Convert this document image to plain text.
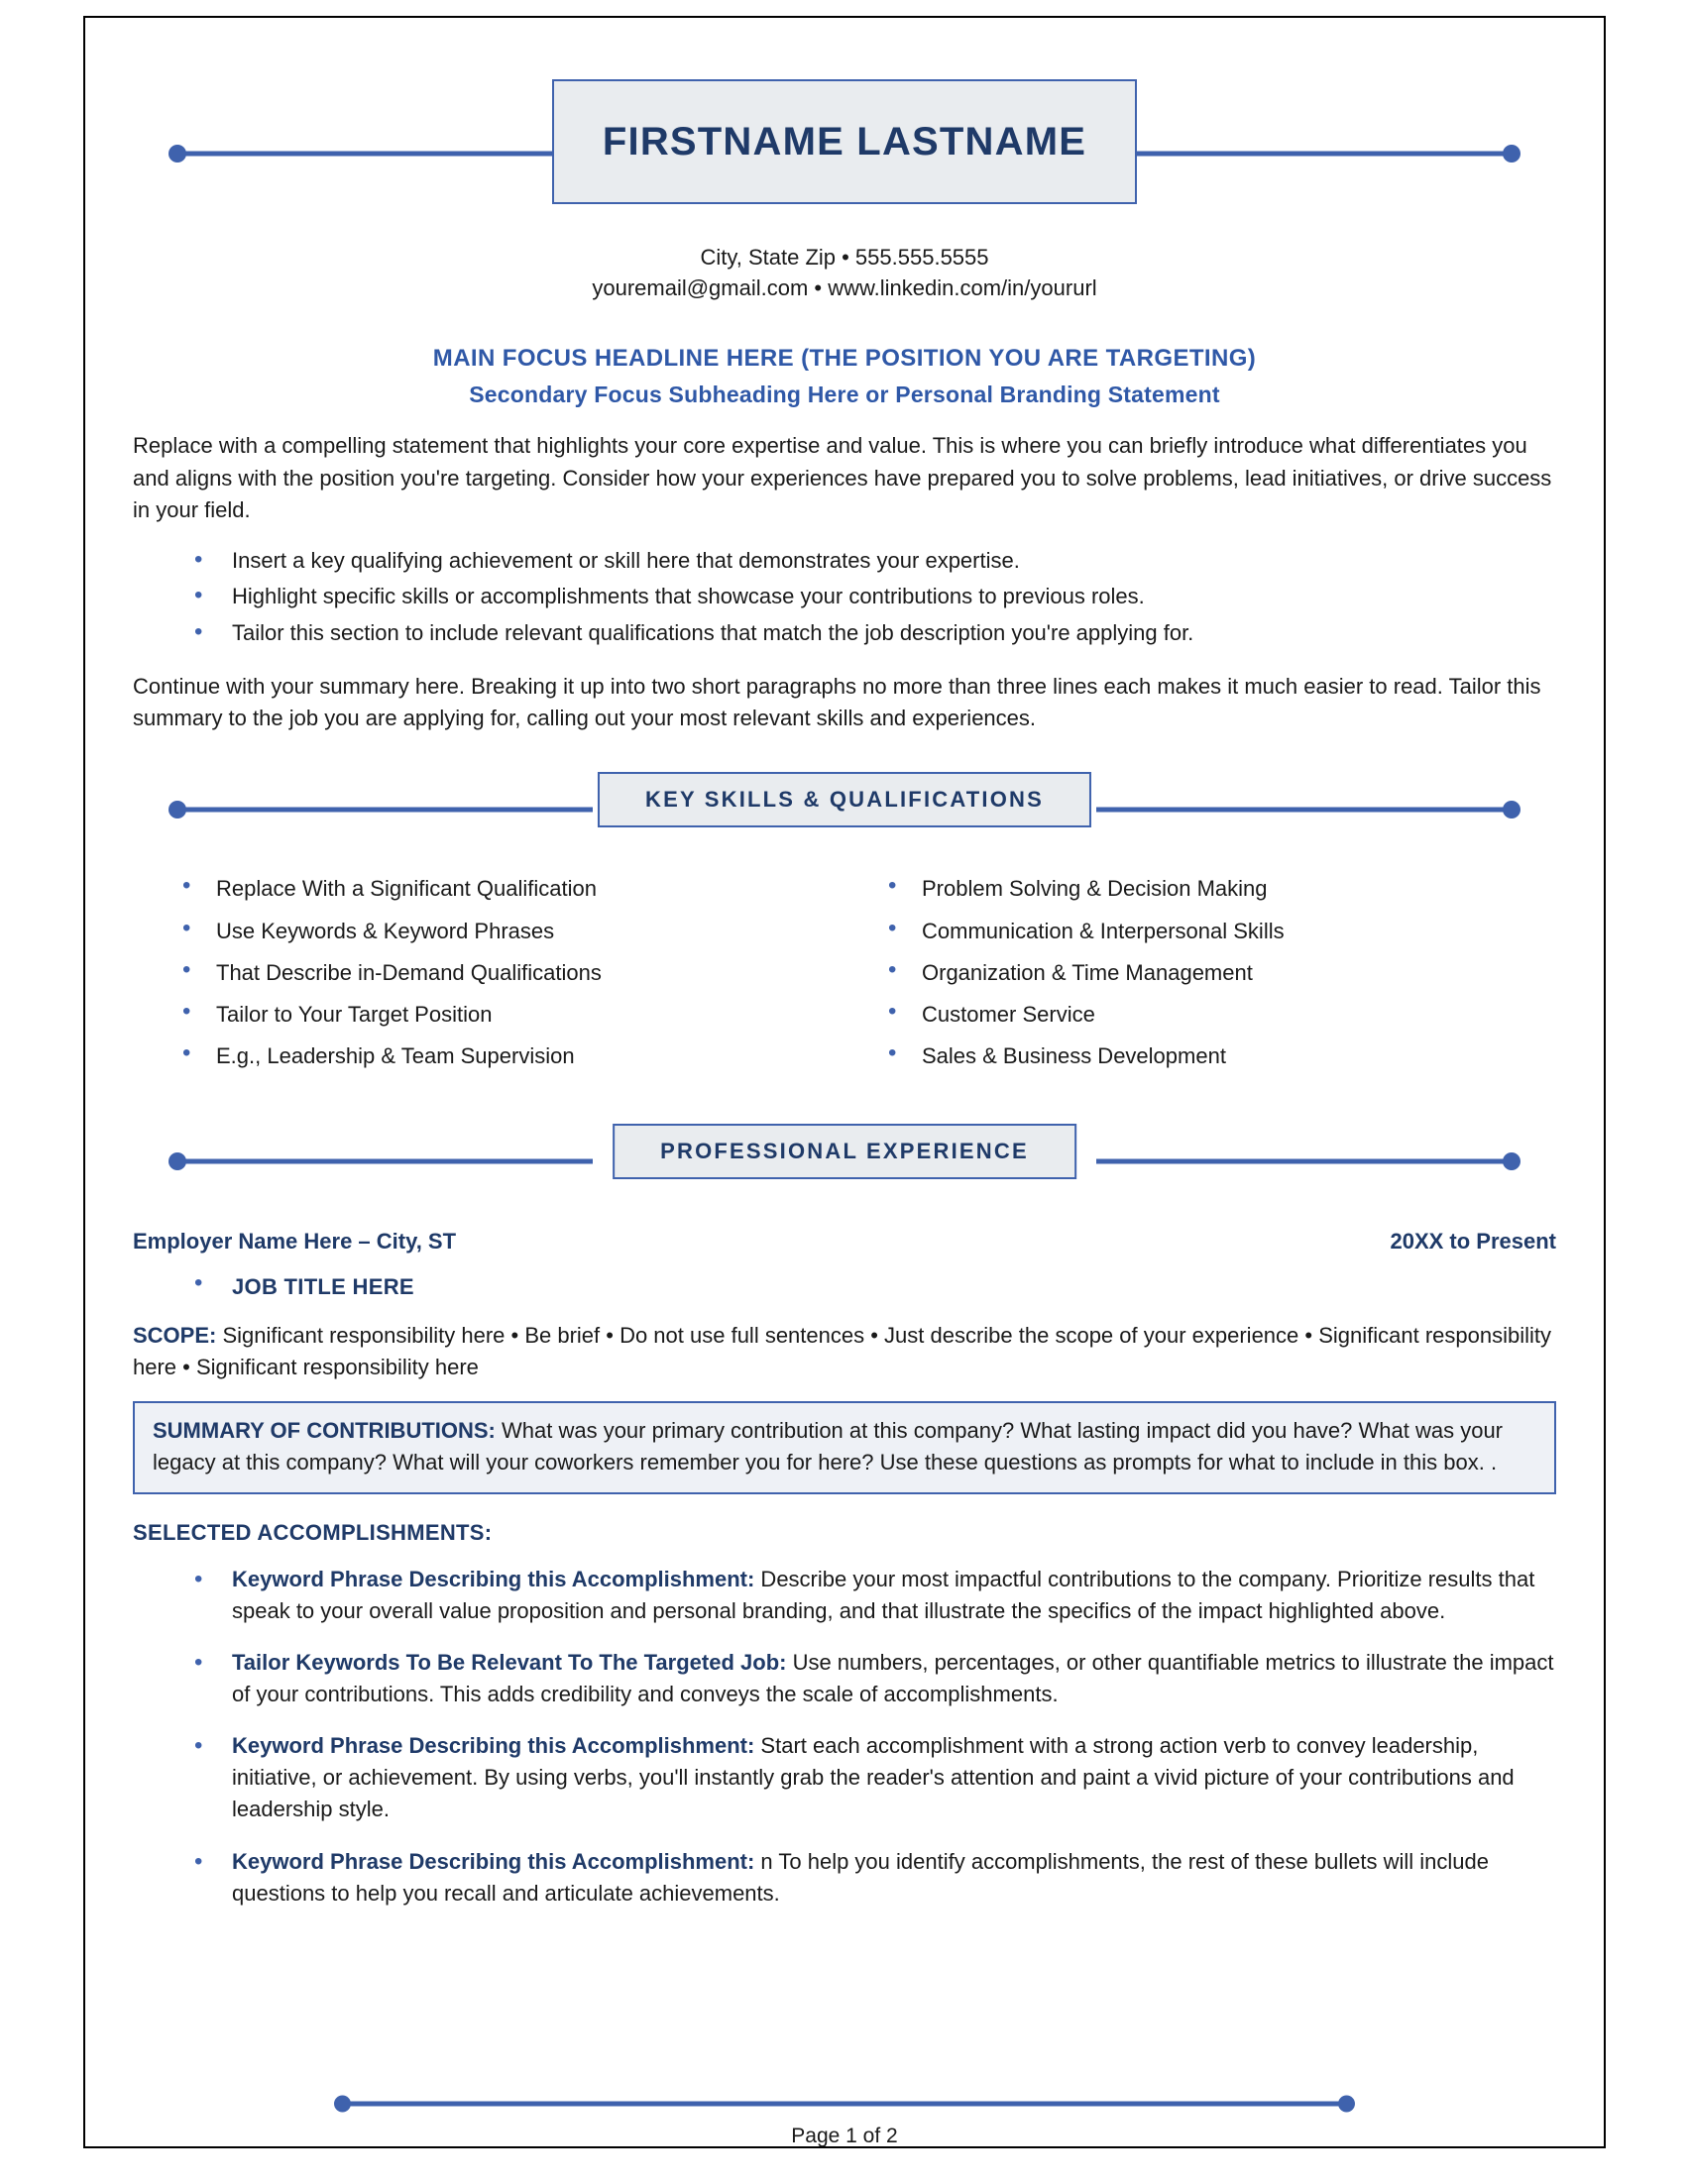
FIRSTNAME LASTNAME
City, State Zip • 555.555.5555
youremail@gmail.com • www.linkedin.com/in/yoururl
MAIN FOCUS HEADLINE HERE (THE POSITION YOU ARE TARGETING)
Secondary Focus Subheading Here or Personal Branding Statement
Replace with a compelling statement that highlights your core expertise and value. This is where you can briefly introduce what differentiates you and aligns with the position you're targeting. Consider how your experiences have prepared you to solve problems, lead initiatives, or drive success in your field.
• Insert a key qualifying achievement or skill here that demonstrates your expertise.
• Highlight specific skills or accomplishments that showcase your contributions to previous roles.
• Tailor this section to include relevant qualifications that match the job description you're applying for.
Continue with your summary here. Breaking it up into two short paragraphs no more than three lines each makes it much easier to read. Tailor this summary to the job you are applying for, calling out your most relevant skills and experiences.
KEY SKILLS & QUALIFICATIONS
• Replace With a Significant Qualification
• Use Keywords & Keyword Phrases
• That Describe in-Demand Qualifications
• Tailor to Your Target Position
• E.g., Leadership & Team Supervision
• Problem Solving & Decision Making
• Communication & Interpersonal Skills
• Organization & Time Management
• Customer Service
• Sales & Business Development
PROFESSIONAL EXPERIENCE
Employer Name Here – City, ST	20XX to Present
• JOB TITLE HERE
SCOPE: Significant responsibility here • Be brief • Do not use full sentences • Just describe the scope of your experience • Significant responsibility here • Significant responsibility here
SUMMARY OF CONTRIBUTIONS: What was your primary contribution at this company? What lasting impact did you have? What was your legacy at this company? What will your coworkers remember you for here? Use these questions as prompts for what to include in this box. .
SELECTED ACCOMPLISHMENTS:
• Keyword Phrase Describing this Accomplishment: Describe your most impactful contributions to the company. Prioritize results that speak to your overall value proposition and personal branding, and that illustrate the specifics of the impact highlighted above.
• Tailor Keywords To Be Relevant To The Targeted Job: Use numbers, percentages, or other quantifiable metrics to illustrate the impact of your contributions. This adds credibility and conveys the scale of accomplishments.
• Keyword Phrase Describing this Accomplishment: Start each accomplishment with a strong action verb to convey leadership, initiative, or achievement. By using verbs, you'll instantly grab the reader's attention and paint a vivid picture of your contributions and leadership style.
• Keyword Phrase Describing this Accomplishment: n To help you identify accomplishments, the rest of these bullets will include questions to help you recall and articulate achievements.
Page 1 of 2
